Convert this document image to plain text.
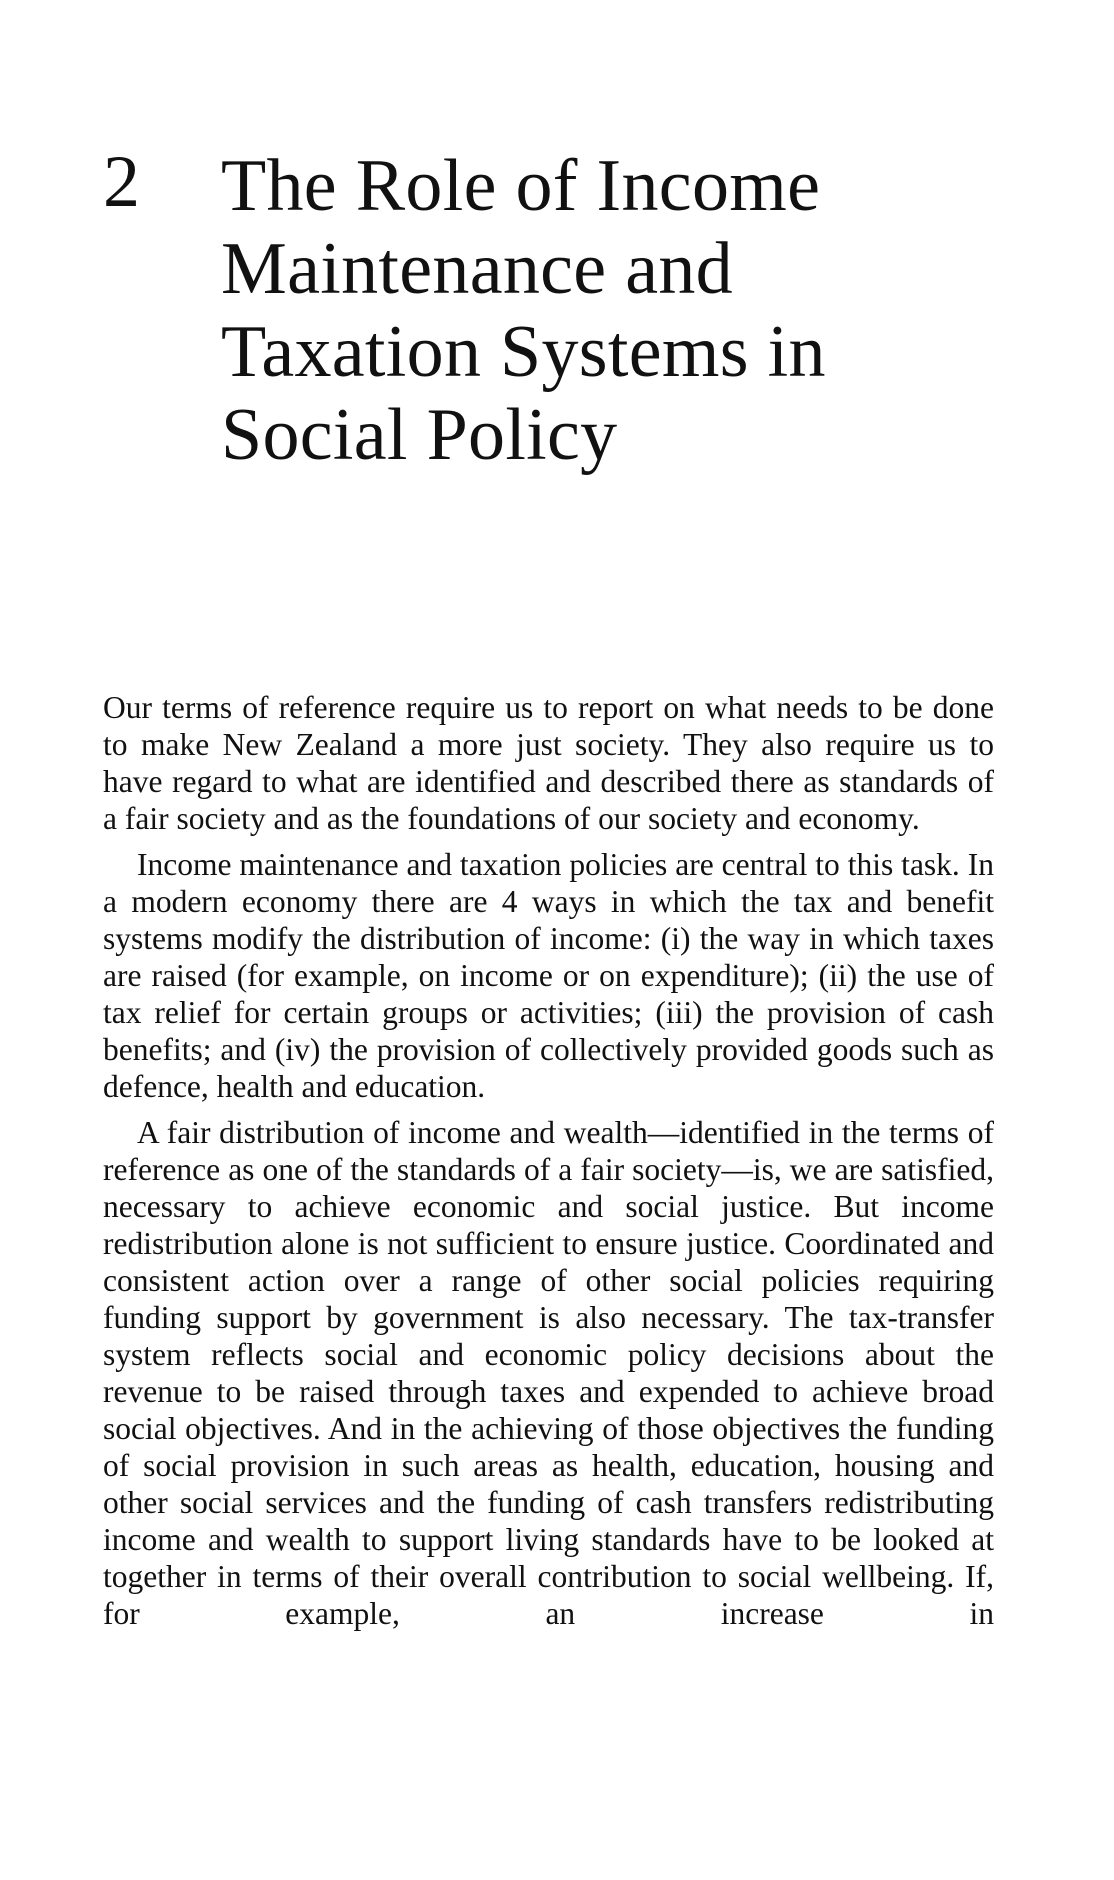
2 The Role of Income
Maintenance and
Taxation Systems in
Social Policy

Our terms of reference require us to report on what needs to be done to make New Zealand a more just society. They also require us to have regard to what are identified and described there as standards of a fair society and as the foundations of our society and economy.

Income maintenance and taxation policies are central to this task. In a modern economy there are 4 ways in which the tax and benefit systems modify the distribution of income: (i) the way in which taxes are raised (for example, on income or on expenditure); (ii) the use of tax relief for certain groups or activities; (iii) the provision of cash benefits; and (iv) the provision of collectively provided goods such as defence, health and education.

A fair distribution of income and wealth—identified in the terms of reference as one of the standards of a fair society—is, we are satisfied, necessary to achieve economic and social justice. But income redistribution alone is not sufficient to ensure justice. Coordinated and consistent action over a range of other social policies requiring funding support by government is also necessary. The tax-transfer system reflects social and economic policy decisions about the revenue to be raised through taxes and expended to achieve broad social objectives. And in the achieving of those objectives the funding of social provision in such areas as health, education, housing and other social services and the funding of cash transfers redistributing income and wealth to support living standards have to be looked at together in terms of their overall contribution to social wellbeing. If, for example, an increase in
